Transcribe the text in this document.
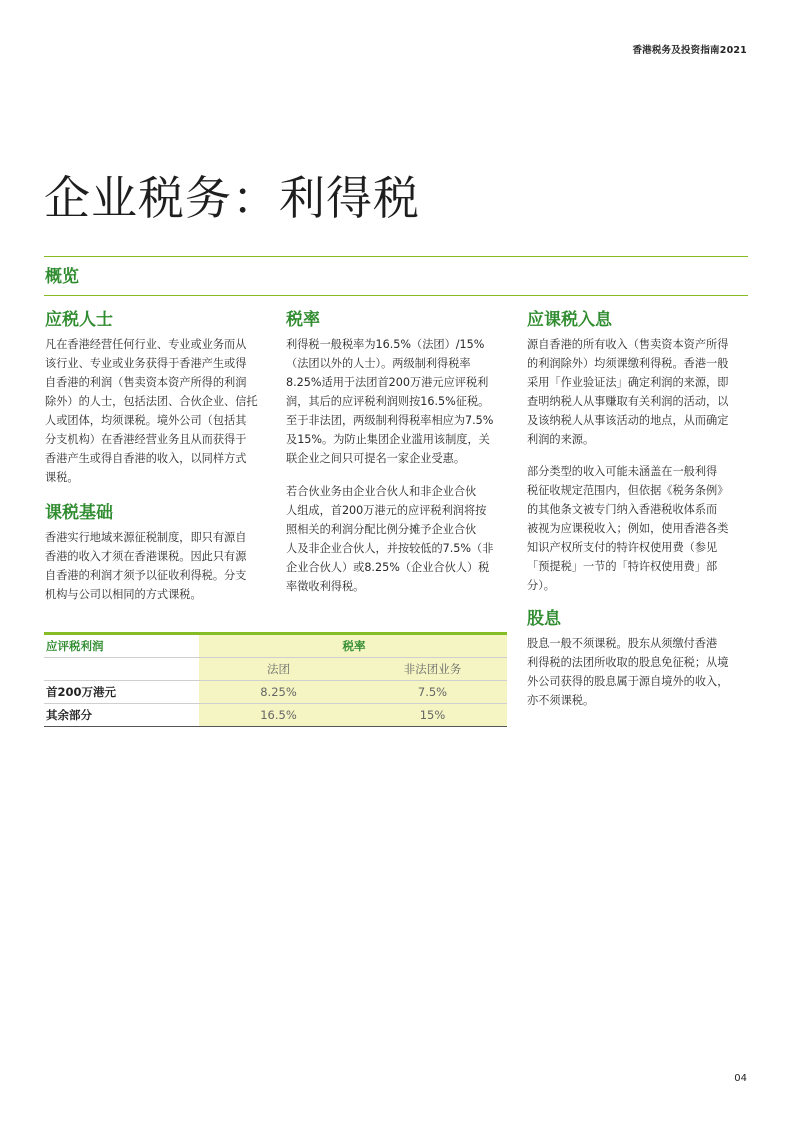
香港税务及投资指南2021
企业税务：利得税
概览
应税人士
凡在香港经营任何行业、专业或业务而从
该行业、专业或业务获得于香港产生或得
自香港的利润（售卖资本资产所得的利润
除外）的人士，包括法团、合伙企业、信托
人或团体，均须课税。境外公司（包括其
分支机构）在香港经营业务且从而获得于
香港产生或得自香港的收入，以同样方式
课税。
课税基础
香港实行地域来源征税制度，即只有源自
香港的收入才须在香港课税。因此只有源
自香港的利润才须予以征收利得税。分支
机构与公司以相同的方式课税。
税率
利得税一般税率为16.5%（法团）/15%
（法团以外的人士）。两级制利得税率
8.25%适用于法团首200万港元应评税利
润，其后的应评税利润则按16.5%征税。
至于非法团，两级制利得税率相应为7.5%
及15%。为防止集团企业滥用该制度，关
联企业之间只可提名一家企业受惠。
若合伙业务由企业合伙人和非企业合伙
人组成，首200万港元的应评税利润将按
照相关的利润分配比例分摊予企业合伙
人及非企业合伙人，并按较低的7.5%（非
企业合伙人）或8.25%（企业合伙人）税
率徵收利得税。
应课税入息
源自香港的所有收入（售卖资本资产所得
的利润除外）均须课缴利得税。香港一般
采用「作业验证法」确定利润的来源，即
查明纳税人从事赚取有关利润的活动，以
及该纳税人从事该活动的地点，从而确定
利润的来源。
部分类型的收入可能未涵盖在一般利得
税征收规定范围内，但依据《税务条例》
的其他条文被专门纳入香港税收体系而
被视为应课税收入；例如，使用香港各类
知识产权所支付的特许权使用费（参见
「预提税」一节的「特许权使用费」部
分）。
股息
股息一般不须课税。股东从须缴付香港
利得税的法团所收取的股息免征税；从境
外公司获得的股息属于源自境外的收入，
亦不须课税。
应评税利润	税率	
	法团	非法团业务
首200万港元	8.25%	7.5%
其余部分	16.5%	15%
04
